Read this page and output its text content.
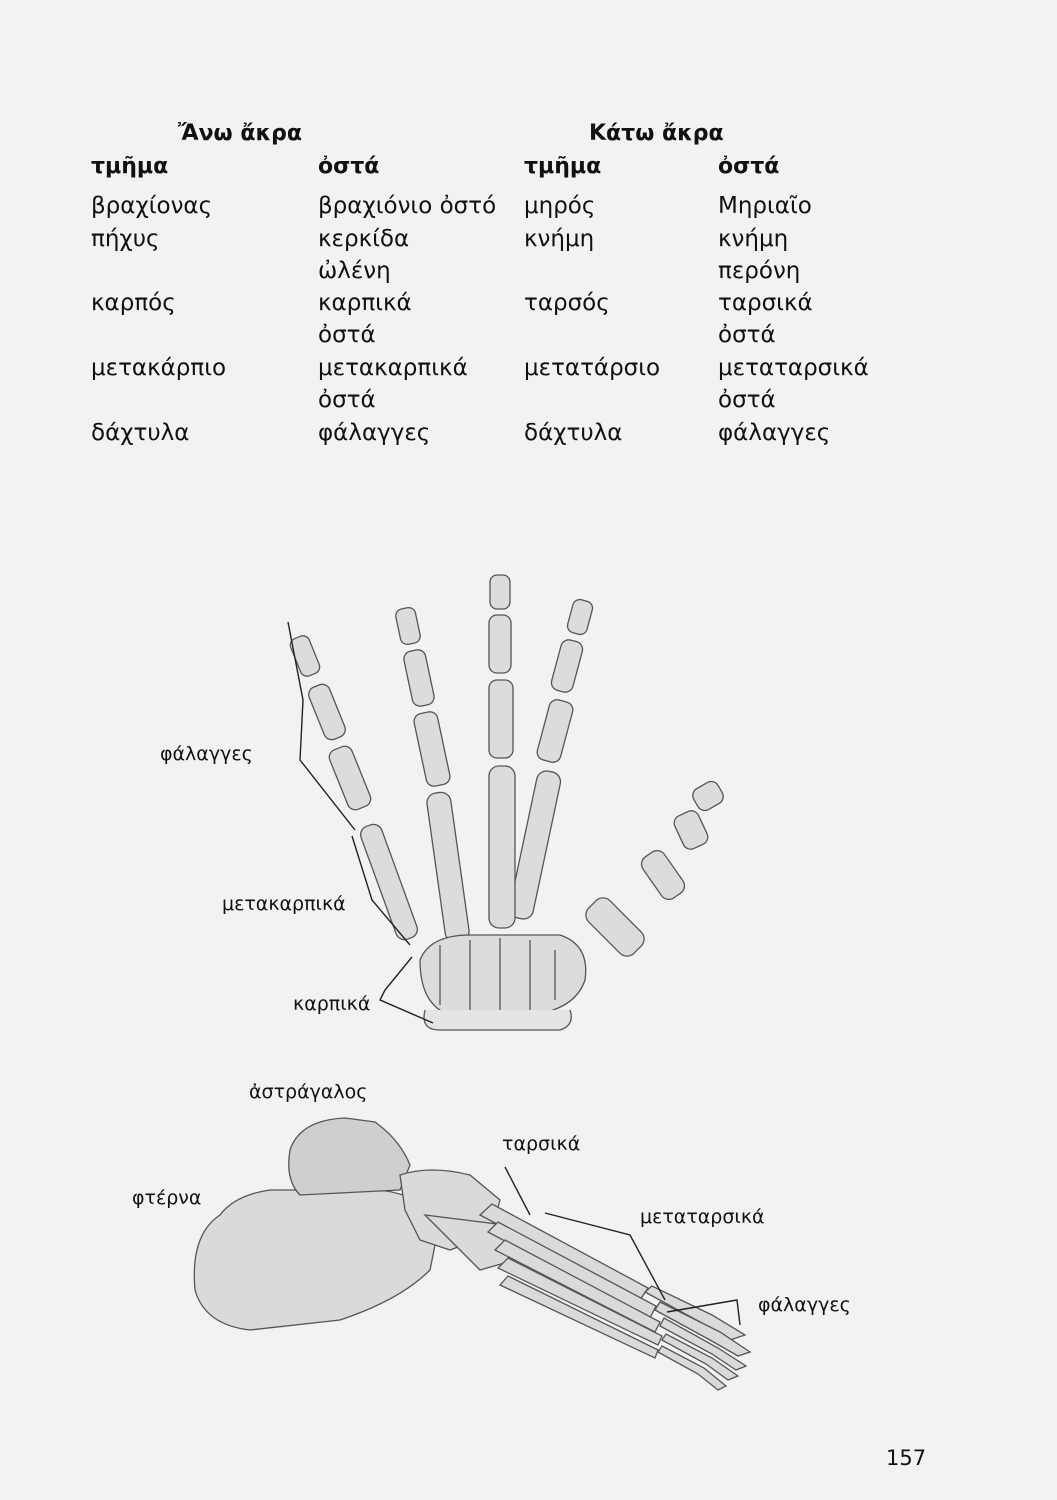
Ἄνω ἄκρα
τμῆμα	ὀστά
βραχίονας	βραχιόνιο ὀστό
πήχυς	κερκίδα
ὠλένη
καρπός	καρπικά
ὀστά
μετακάρπιο	μετακαρπικά
ὀστά
δάχτυλα	φάλαγγες
Κάτω ἄκρα
τμῆμα	ὀστά
μηρός	Μηριαῖο
κνήμη	κνήμη
περόνη
ταρσός	ταρσικά
ὀστά
μετατάρσιο	μεταταρσικά
ὀστά
δάχτυλα	φάλαγγες
φάλαγγες
μετακαρπικά
καρπικά
ἀστράγαλος
ταρσικά
φτέρνα
μεταταρσικά
φάλαγγες
157
